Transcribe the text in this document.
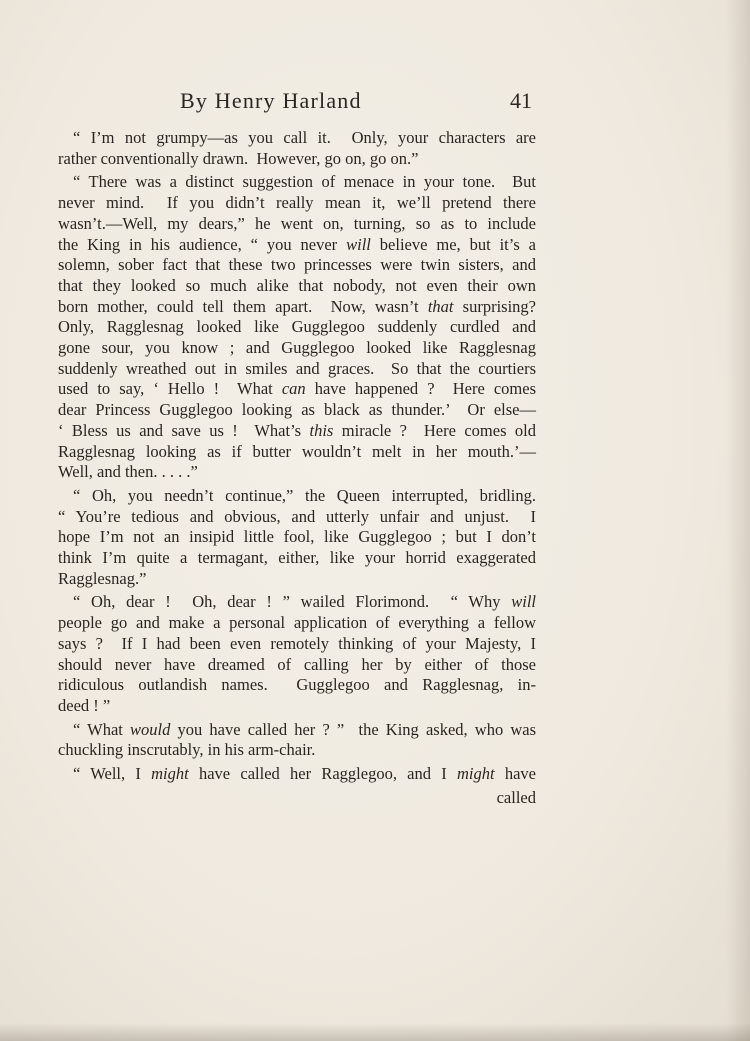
By Henry Harland	41
“ I’m not grumpy—as you call it.  Only, your characters are
rather conventionally drawn.  However, go on, go on.”
“ There was a distinct suggestion of menace in your tone.  But
never mind.  If you didn’t really mean it, we’ll pretend there
wasn’t.—Well, my dears,” he went on, turning, so as to include
the King in his audience, “ you never will believe me, but it’s a
solemn, sober fact that these two princesses were twin sisters, and
that they looked so much alike that nobody, not even their own
born mother, could tell them apart.  Now, wasn’t that surprising?
Only, Ragglesnag looked like Gugglegoo suddenly curdled and
gone sour, you know ; and Gugglegoo looked like Ragglesnag
suddenly wreathed out in smiles and graces.  So that the courtiers
used to say, ‘ Hello !  What can have happened ?  Here comes
dear Princess Gugglegoo looking as black as thunder.’  Or else—
‘ Bless us and save us !  What’s this miracle ?  Here comes old
Ragglesnag looking as if butter wouldn’t melt in her mouth.’—
Well, and then. . . . .”
“ Oh, you needn’t continue,” the Queen interrupted, bridling.
“ You’re tedious and obvious, and utterly unfair and unjust.  I
hope I’m not an insipid little fool, like Gugglegoo ; but I don’t
think I’m quite a termagant, either, like your horrid exaggerated
Ragglesnag.”
“ Oh, dear !  Oh, dear ! ” wailed Florimond.  “ Why will
people go and make a personal application of everything a fellow
says ?  If I had been even remotely thinking of your Majesty, I
should never have dreamed of calling her by either of those
ridiculous outlandish names.  Gugglegoo and Ragglesnag, in-
deed ! ”
“ What would you have called her ? ”  the King asked, who was
chuckling inscrutably, in his arm-chair.
“ Well, I might have called her Ragglegoo, and I might have
called
